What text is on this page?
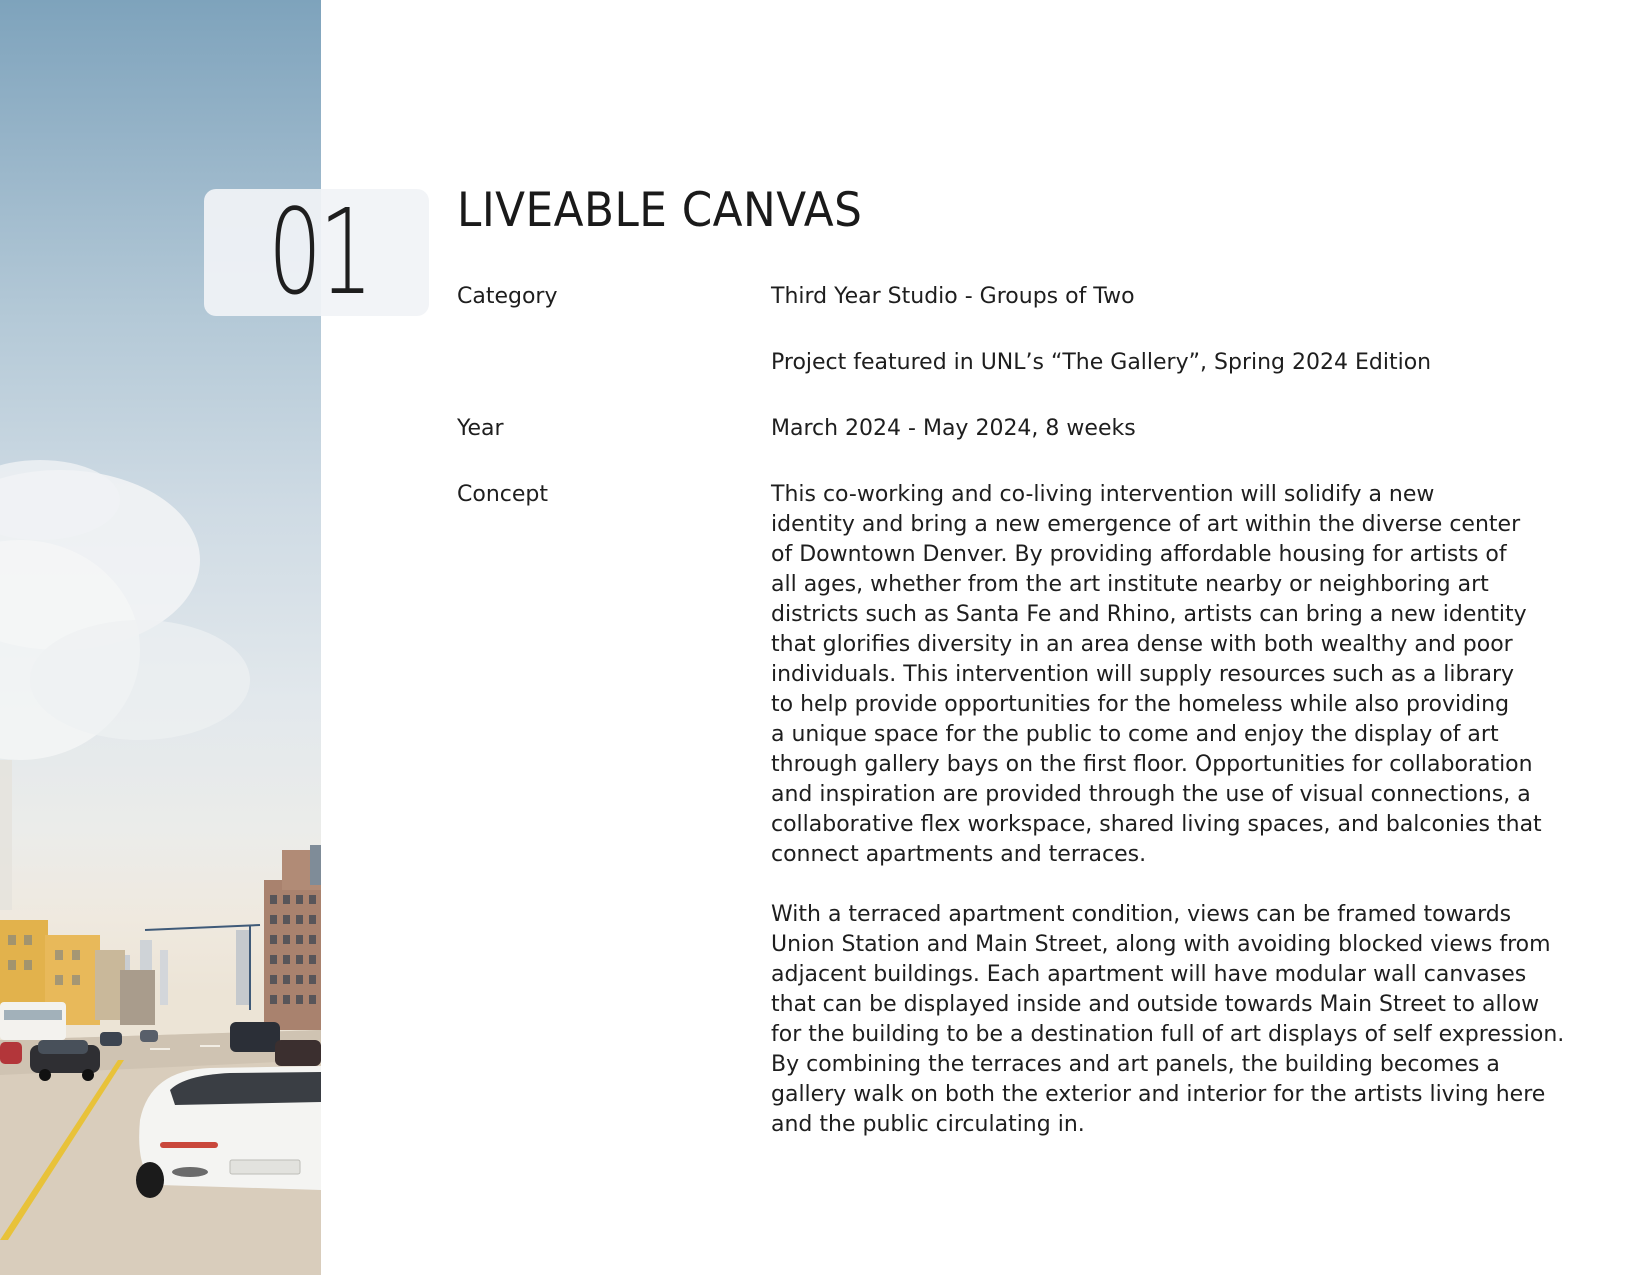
01 LIVEABLE CANVAS
Category	Third Year Studio - Groups of Two
Project featured in UNL’s “The Gallery”, Spring 2024 Edition
Year	March 2024 - May 2024, 8 weeks
Concept	This co-working and co-living intervention will solidify a new
identity and bring a new emergence of art within the diverse center
of Downtown Denver. By providing affordable housing for artists of
all ages, whether from the art institute nearby or neighboring art
districts such as Santa Fe and Rhino, artists can bring a new identity
that glorifies diversity in an area dense with both wealthy and poor
individuals. This intervention will supply resources such as a library
to help provide opportunities for the homeless while also providing
a unique space for the public to come and enjoy the display of art
through gallery bays on the first floor. Opportunities for collaboration
and inspiration are provided through the use of visual connections, a
collaborative flex workspace, shared living spaces, and balconies that
connect apartments and terraces.
With a terraced apartment condition, views can be framed towards
Union Station and Main Street, along with avoiding blocked views from
adjacent buildings. Each apartment will have modular wall canvases
that can be displayed inside and outside towards Main Street to allow
for the building to be a destination full of art displays of self expression.
By combining the terraces and art panels, the building becomes a
gallery walk on both the exterior and interior for the artists living here
and the public circulating in.
